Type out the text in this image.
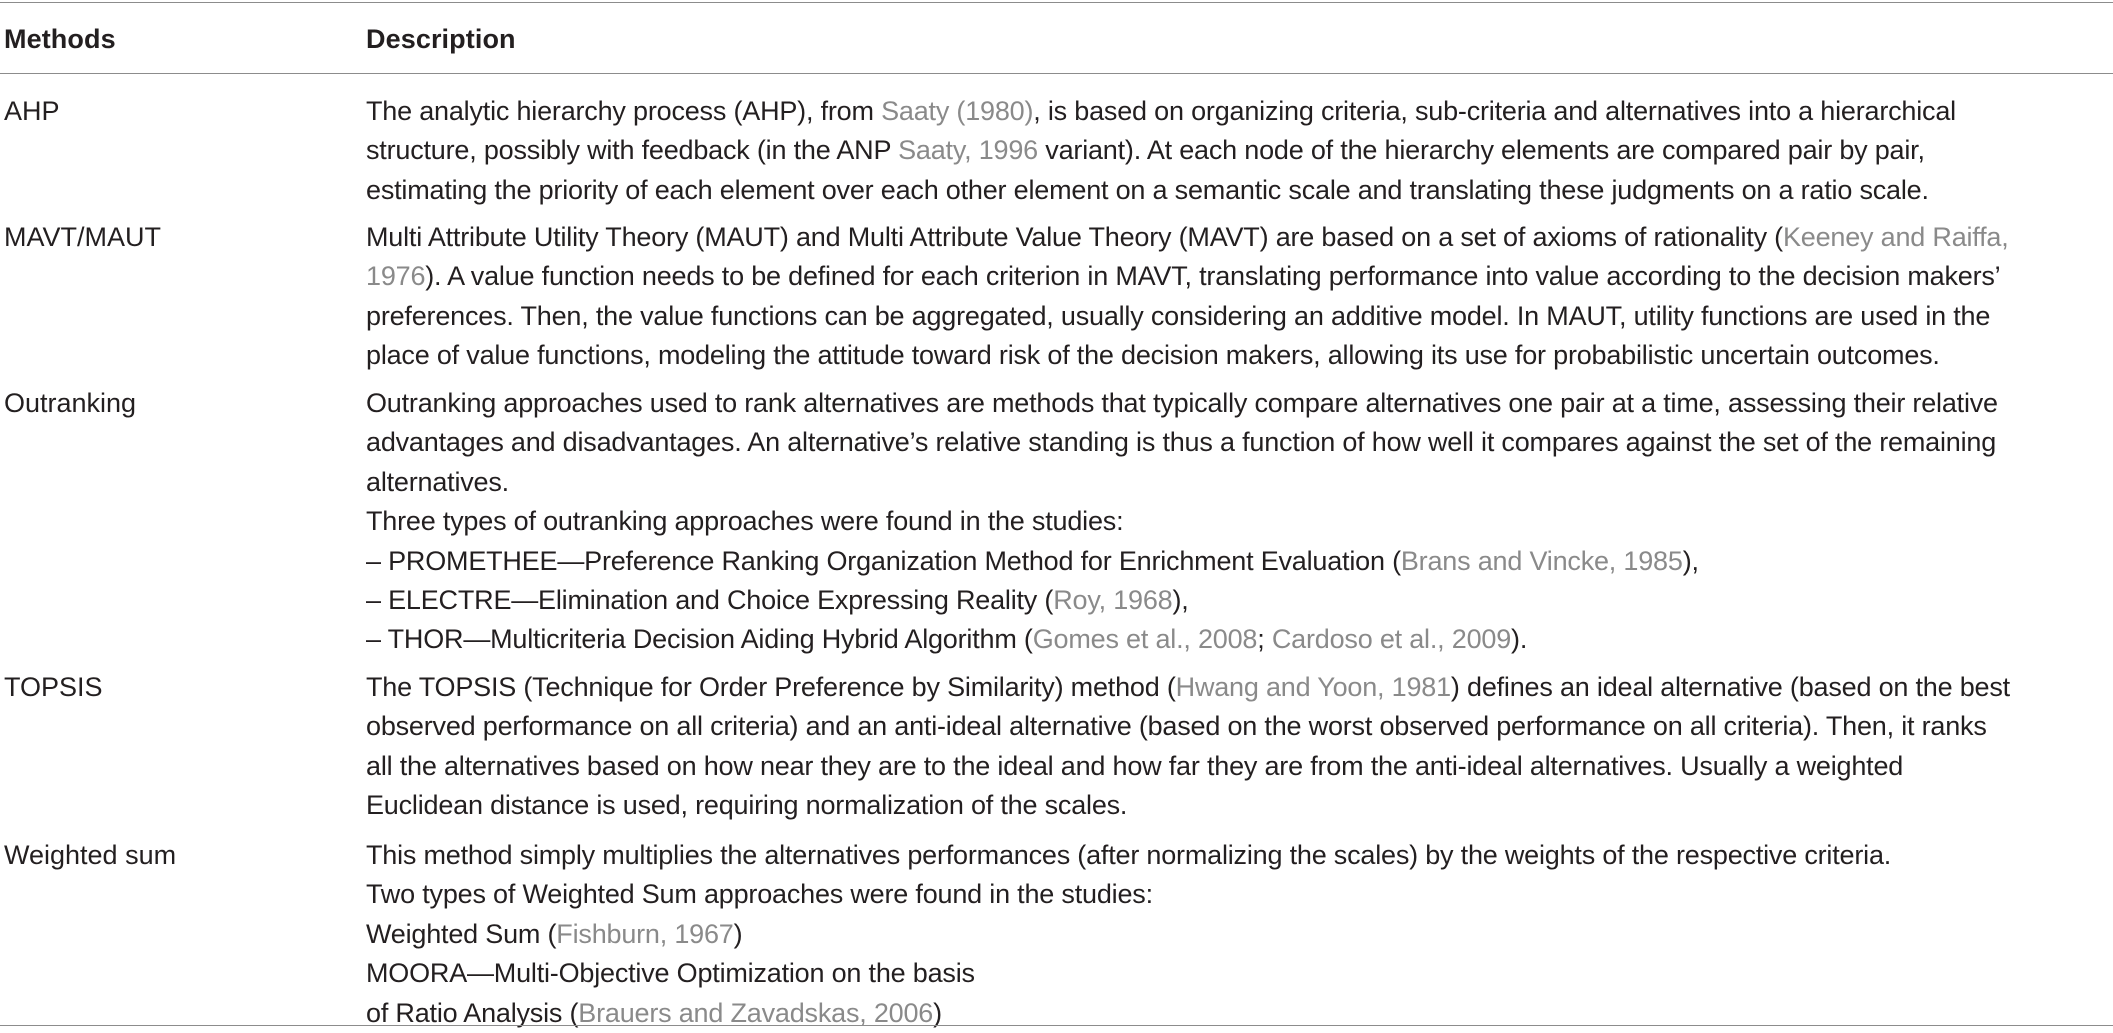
Methods	Description
AHP	The analytic hierarchy process (AHP), from Saaty (1980), is based on organizing criteria, sub-criteria and alternatives into a hierarchical
structure, possibly with feedback (in the ANP Saaty, 1996 variant). At each node of the hierarchy elements are compared pair by pair,
estimating the priority of each element over each other element on a semantic scale and translating these judgments on a ratio scale.
MAVT/MAUT	Multi Attribute Utility Theory (MAUT) and Multi Attribute Value Theory (MAVT) are based on a set of axioms of rationality (Keeney and Raiffa,
1976). A value function needs to be defined for each criterion in MAVT, translating performance into value according to the decision makers’
preferences. Then, the value functions can be aggregated, usually considering an additive model. In MAUT, utility functions are used in the
place of value functions, modeling the attitude toward risk of the decision makers, allowing its use for probabilistic uncertain outcomes.
Outranking	Outranking approaches used to rank alternatives are methods that typically compare alternatives one pair at a time, assessing their relative
advantages and disadvantages. An alternative’s relative standing is thus a function of how well it compares against the set of the remaining
alternatives.
Three types of outranking approaches were found in the studies:
– PROMETHEE—Preference Ranking Organization Method for Enrichment Evaluation (Brans and Vincke, 1985),
– ELECTRE—Elimination and Choice Expressing Reality (Roy, 1968),
– THOR—Multicriteria Decision Aiding Hybrid Algorithm (Gomes et al., 2008; Cardoso et al., 2009).
TOPSIS	The TOPSIS (Technique for Order Preference by Similarity) method (Hwang and Yoon, 1981) defines an ideal alternative (based on the best
observed performance on all criteria) and an anti-ideal alternative (based on the worst observed performance on all criteria). Then, it ranks
all the alternatives based on how near they are to the ideal and how far they are from the anti-ideal alternatives. Usually a weighted
Euclidean distance is used, requiring normalization of the scales.
Weighted sum	This method simply multiplies the alternatives performances (after normalizing the scales) by the weights of the respective criteria.
Two types of Weighted Sum approaches were found in the studies:
Weighted Sum (Fishburn, 1967)
MOORA—Multi-Objective Optimization on the basis
of Ratio Analysis (Brauers and Zavadskas, 2006)
